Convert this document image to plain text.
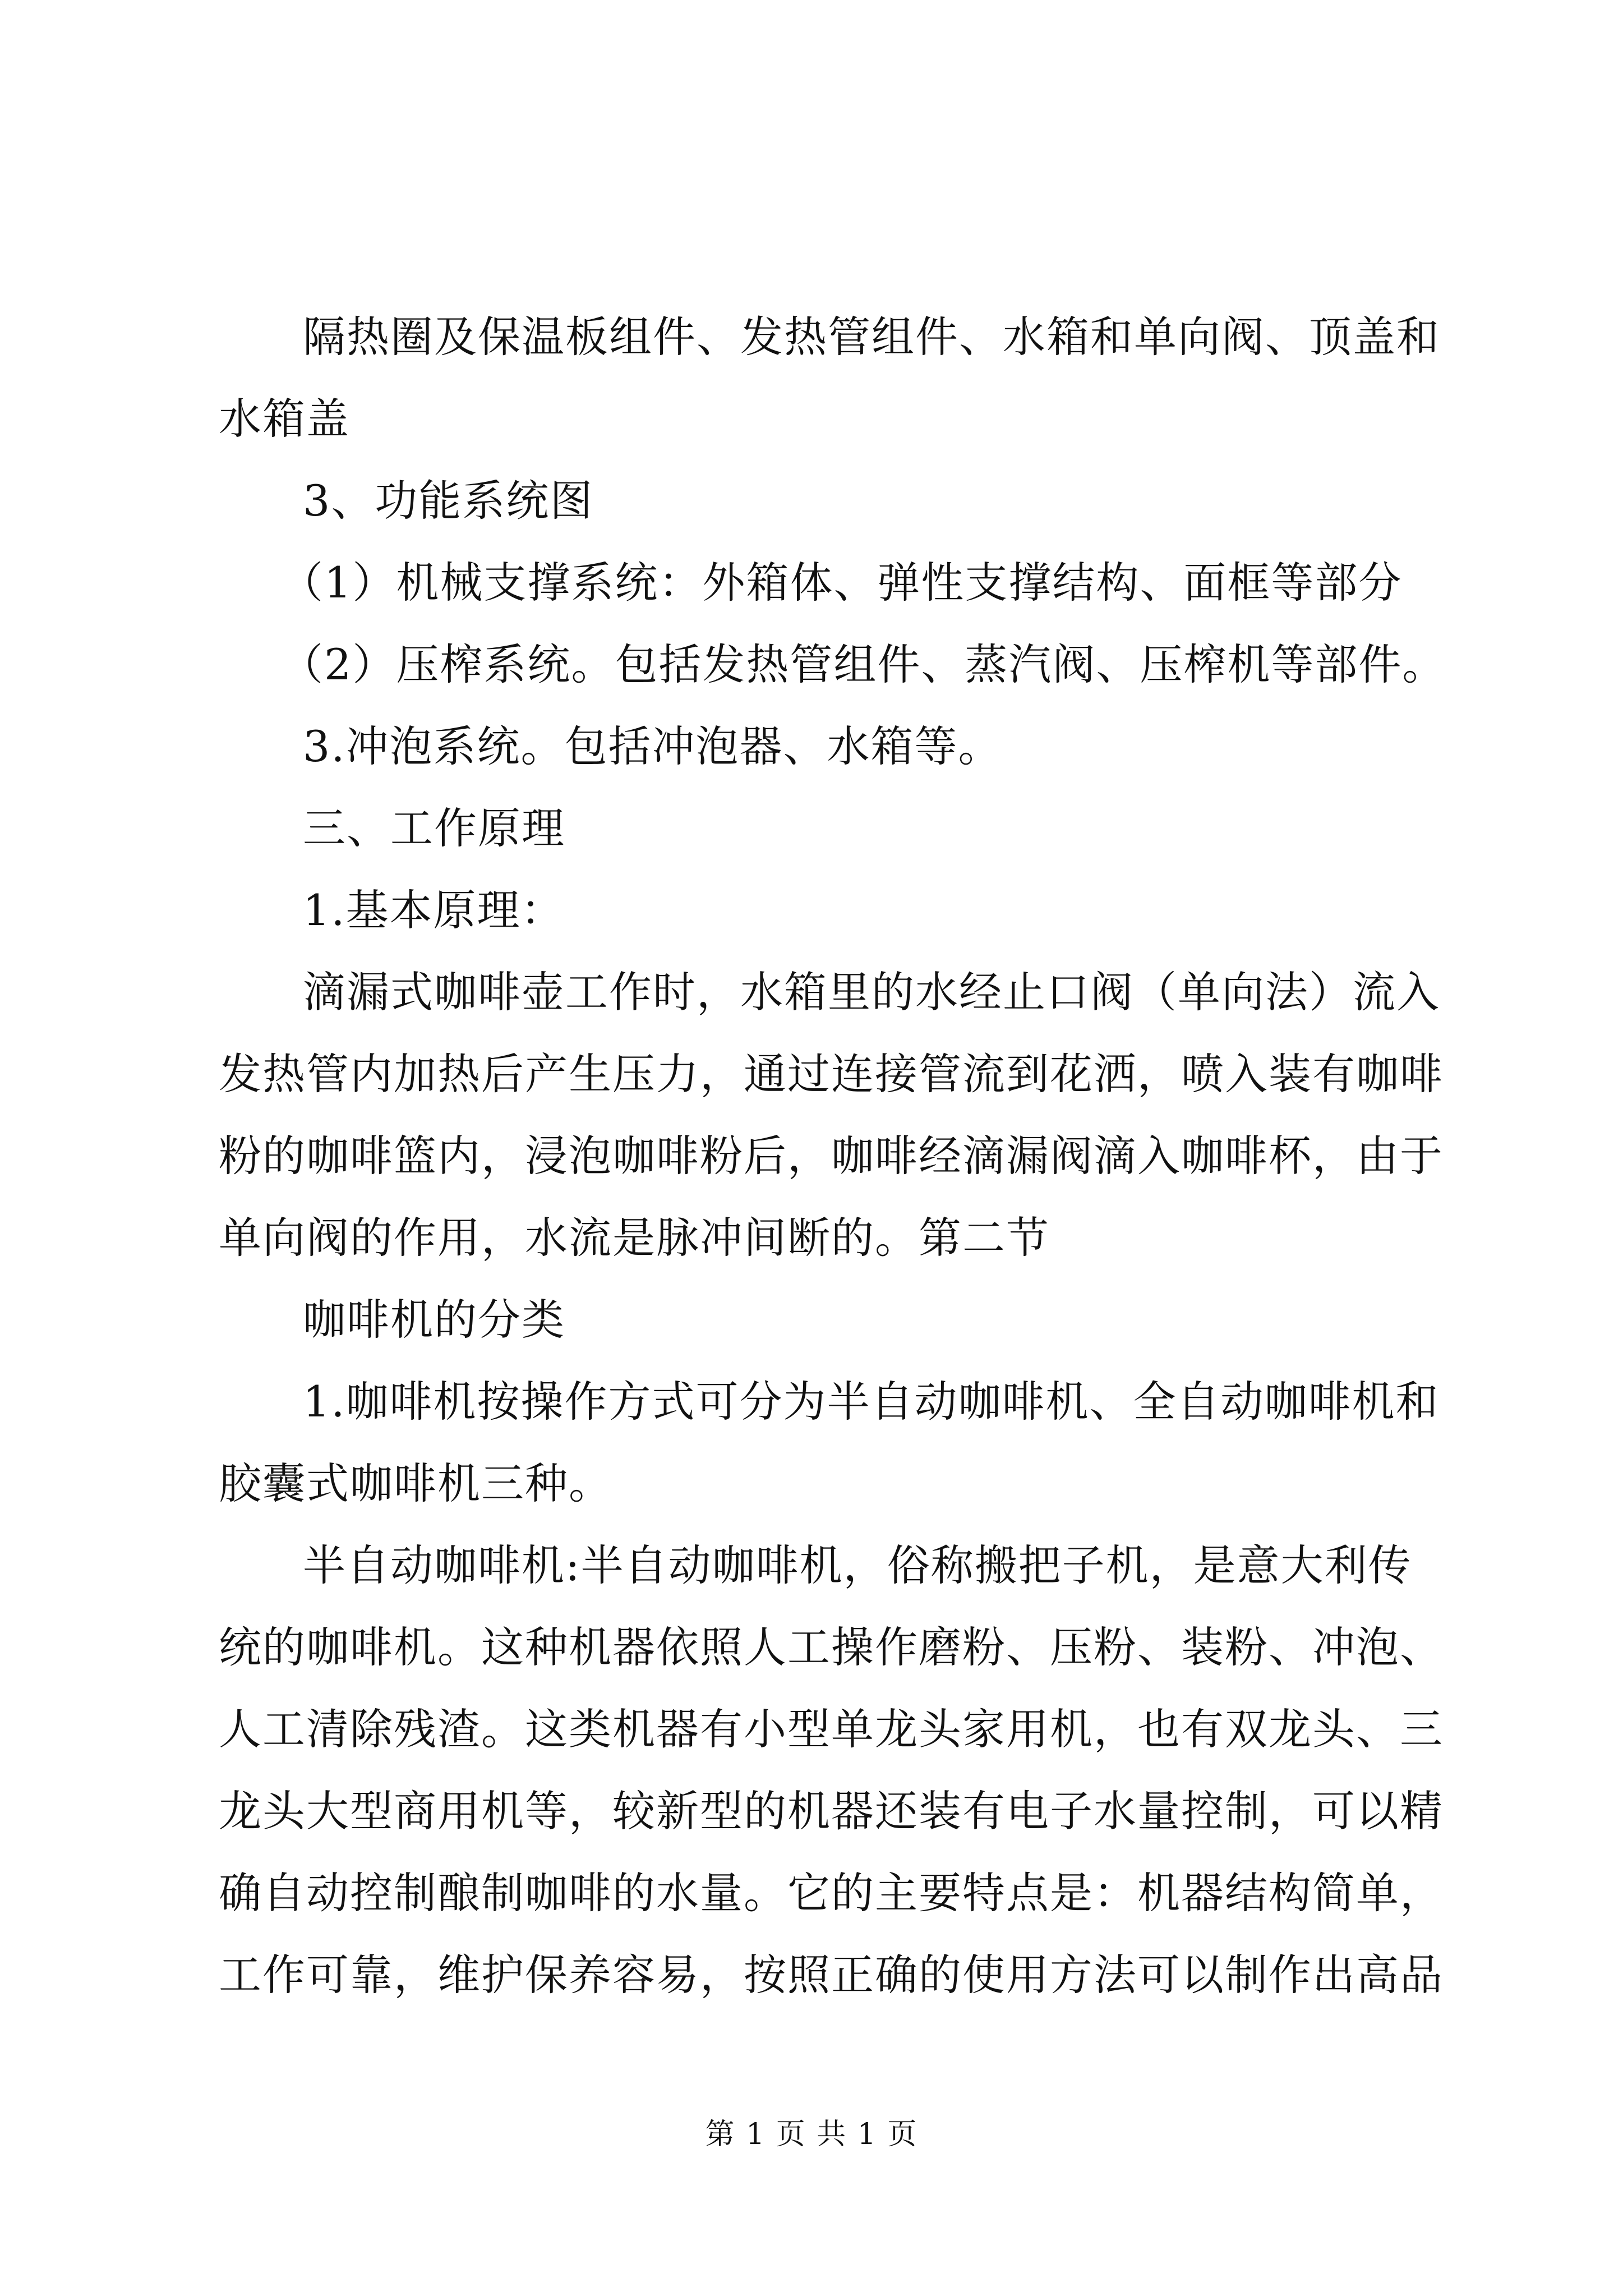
隔热圈及保温板组件、发热管组件、水箱和单向阀、顶盖和

水箱盖

3、功能系统图

（1）机械支撑系统：外箱体、弹性支撑结构、面框等部分

（2）压榨系统。包括发热管组件、蒸汽阀、压榨机等部件。

3.冲泡系统。包括冲泡器、水箱等。

三、工作原理

1.基本原理：

滴漏式咖啡壶工作时，水箱里的水经止口阀（单向法）流入

发热管内加热后产生压力，通过连接管流到花洒，喷入装有咖啡

粉的咖啡篮内，浸泡咖啡粉后，咖啡经滴漏阀滴入咖啡杯，由于

单向阀的作用，水流是脉冲间断的。第二节

咖啡机的分类

1.咖啡机按操作方式可分为半自动咖啡机、全自动咖啡机和

胶囊式咖啡机三种。

半自动咖啡机:半自动咖啡机，俗称搬把子机，是意大利传

统的咖啡机。这种机器依照人工操作磨粉、压粉、装粉、冲泡、

人工清除残渣。这类机器有小型单龙头家用机，也有双龙头、三

龙头大型商用机等，较新型的机器还装有电子水量控制，可以精

确自动控制酿制咖啡的水量。它的主要特点是：机器结构简单，

工作可靠，维护保养容易，按照正确的使用方法可以制作出高品

第 1 页 共 1 页
